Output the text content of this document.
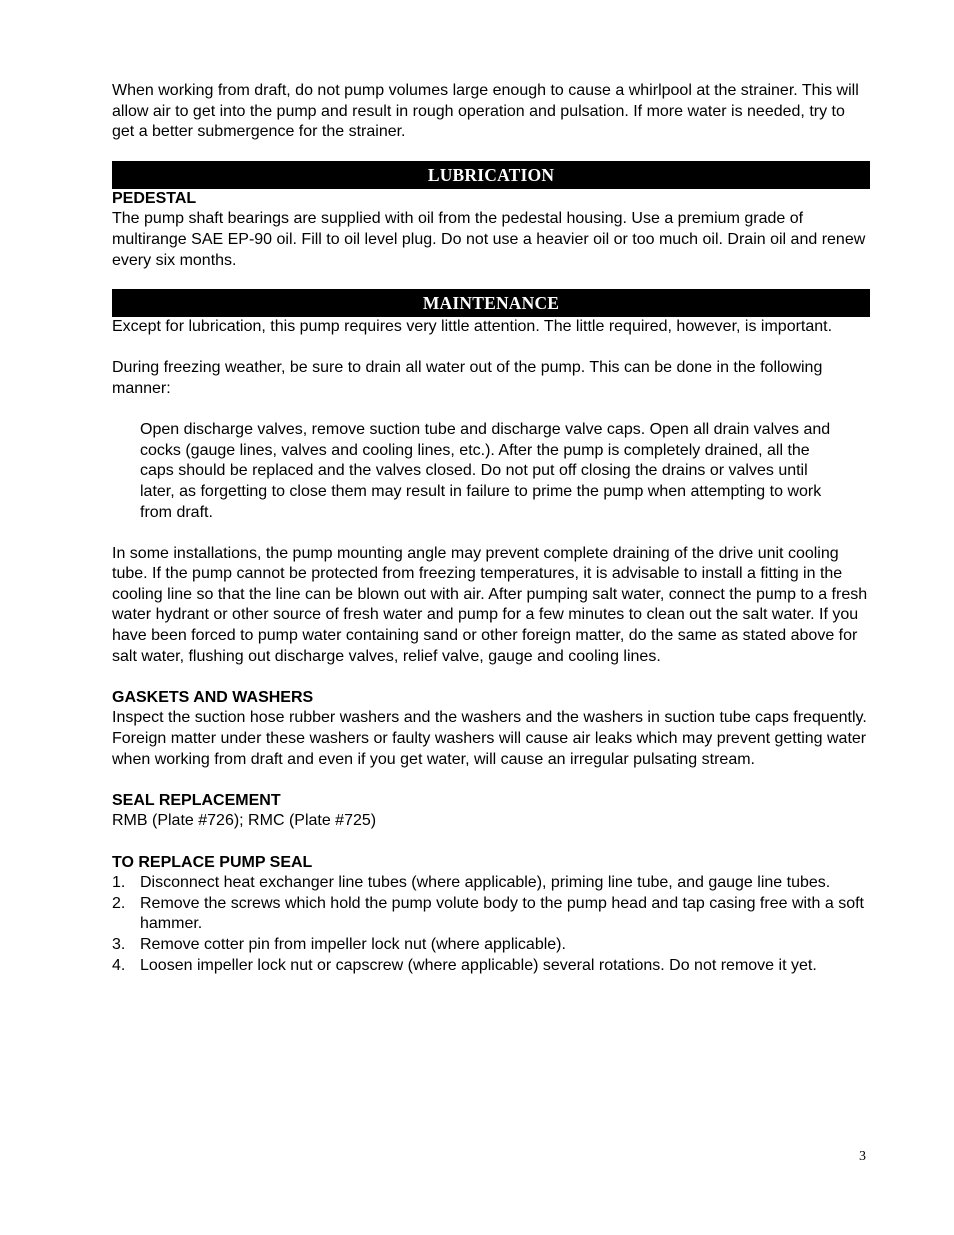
When working from draft, do not pump volumes large enough to cause a whirlpool at the strainer. This will allow air to get into the pump and result in rough operation and pulsation. If more water is needed, try to get a better submergence for the strainer.

LUBRICATION

PEDESTAL

The pump shaft bearings are supplied with oil from the pedestal housing. Use a premium grade of multirange SAE EP-90 oil. Fill to oil level plug. Do not use a heavier oil or too much oil. Drain oil and renew every six months.

MAINTENANCE

Except for lubrication, this pump requires very little attention. The little required, however, is important.

During freezing weather, be sure to drain all water out of the pump. This can be done in the following manner:

Open discharge valves, remove suction tube and discharge valve caps. Open all drain valves and cocks (gauge lines, valves and cooling lines, etc.). After the pump is completely drained, all the caps should be replaced and the valves closed. Do not put off closing the drains or valves until later, as forgetting to close them may result in failure to prime the pump when attempting to work from draft.

In some installations, the pump mounting angle may prevent complete draining of the drive unit cooling tube. If the pump cannot be protected from freezing temperatures, it is advisable to install a fitting in the cooling line so that the line can be blown out with air. After pumping salt water, connect the pump to a fresh water hydrant or other source of fresh water and pump for a few minutes to clean out the salt water. If you have been forced to pump water containing sand or other foreign matter, do the same as stated above for salt water, flushing out discharge valves, relief valve, gauge and cooling lines.

GASKETS AND WASHERS

Inspect the suction hose rubber washers and the washers and the washers in suction tube caps frequently. Foreign matter under these washers or faulty washers will cause air leaks which may prevent getting water when working from draft and even if you get water, will cause an irregular pulsating stream.

SEAL REPLACEMENT

RMB (Plate #726); RMC (Plate #725)

TO REPLACE PUMP SEAL

1. Disconnect heat exchanger line tubes (where applicable), priming line tube, and gauge line tubes.
2. Remove the screws which hold the pump volute body to the pump head and tap casing free with a soft hammer.
3. Remove cotter pin from impeller lock nut (where applicable).
4. Loosen impeller lock nut or capscrew (where applicable) several rotations. Do not remove it yet.
3
